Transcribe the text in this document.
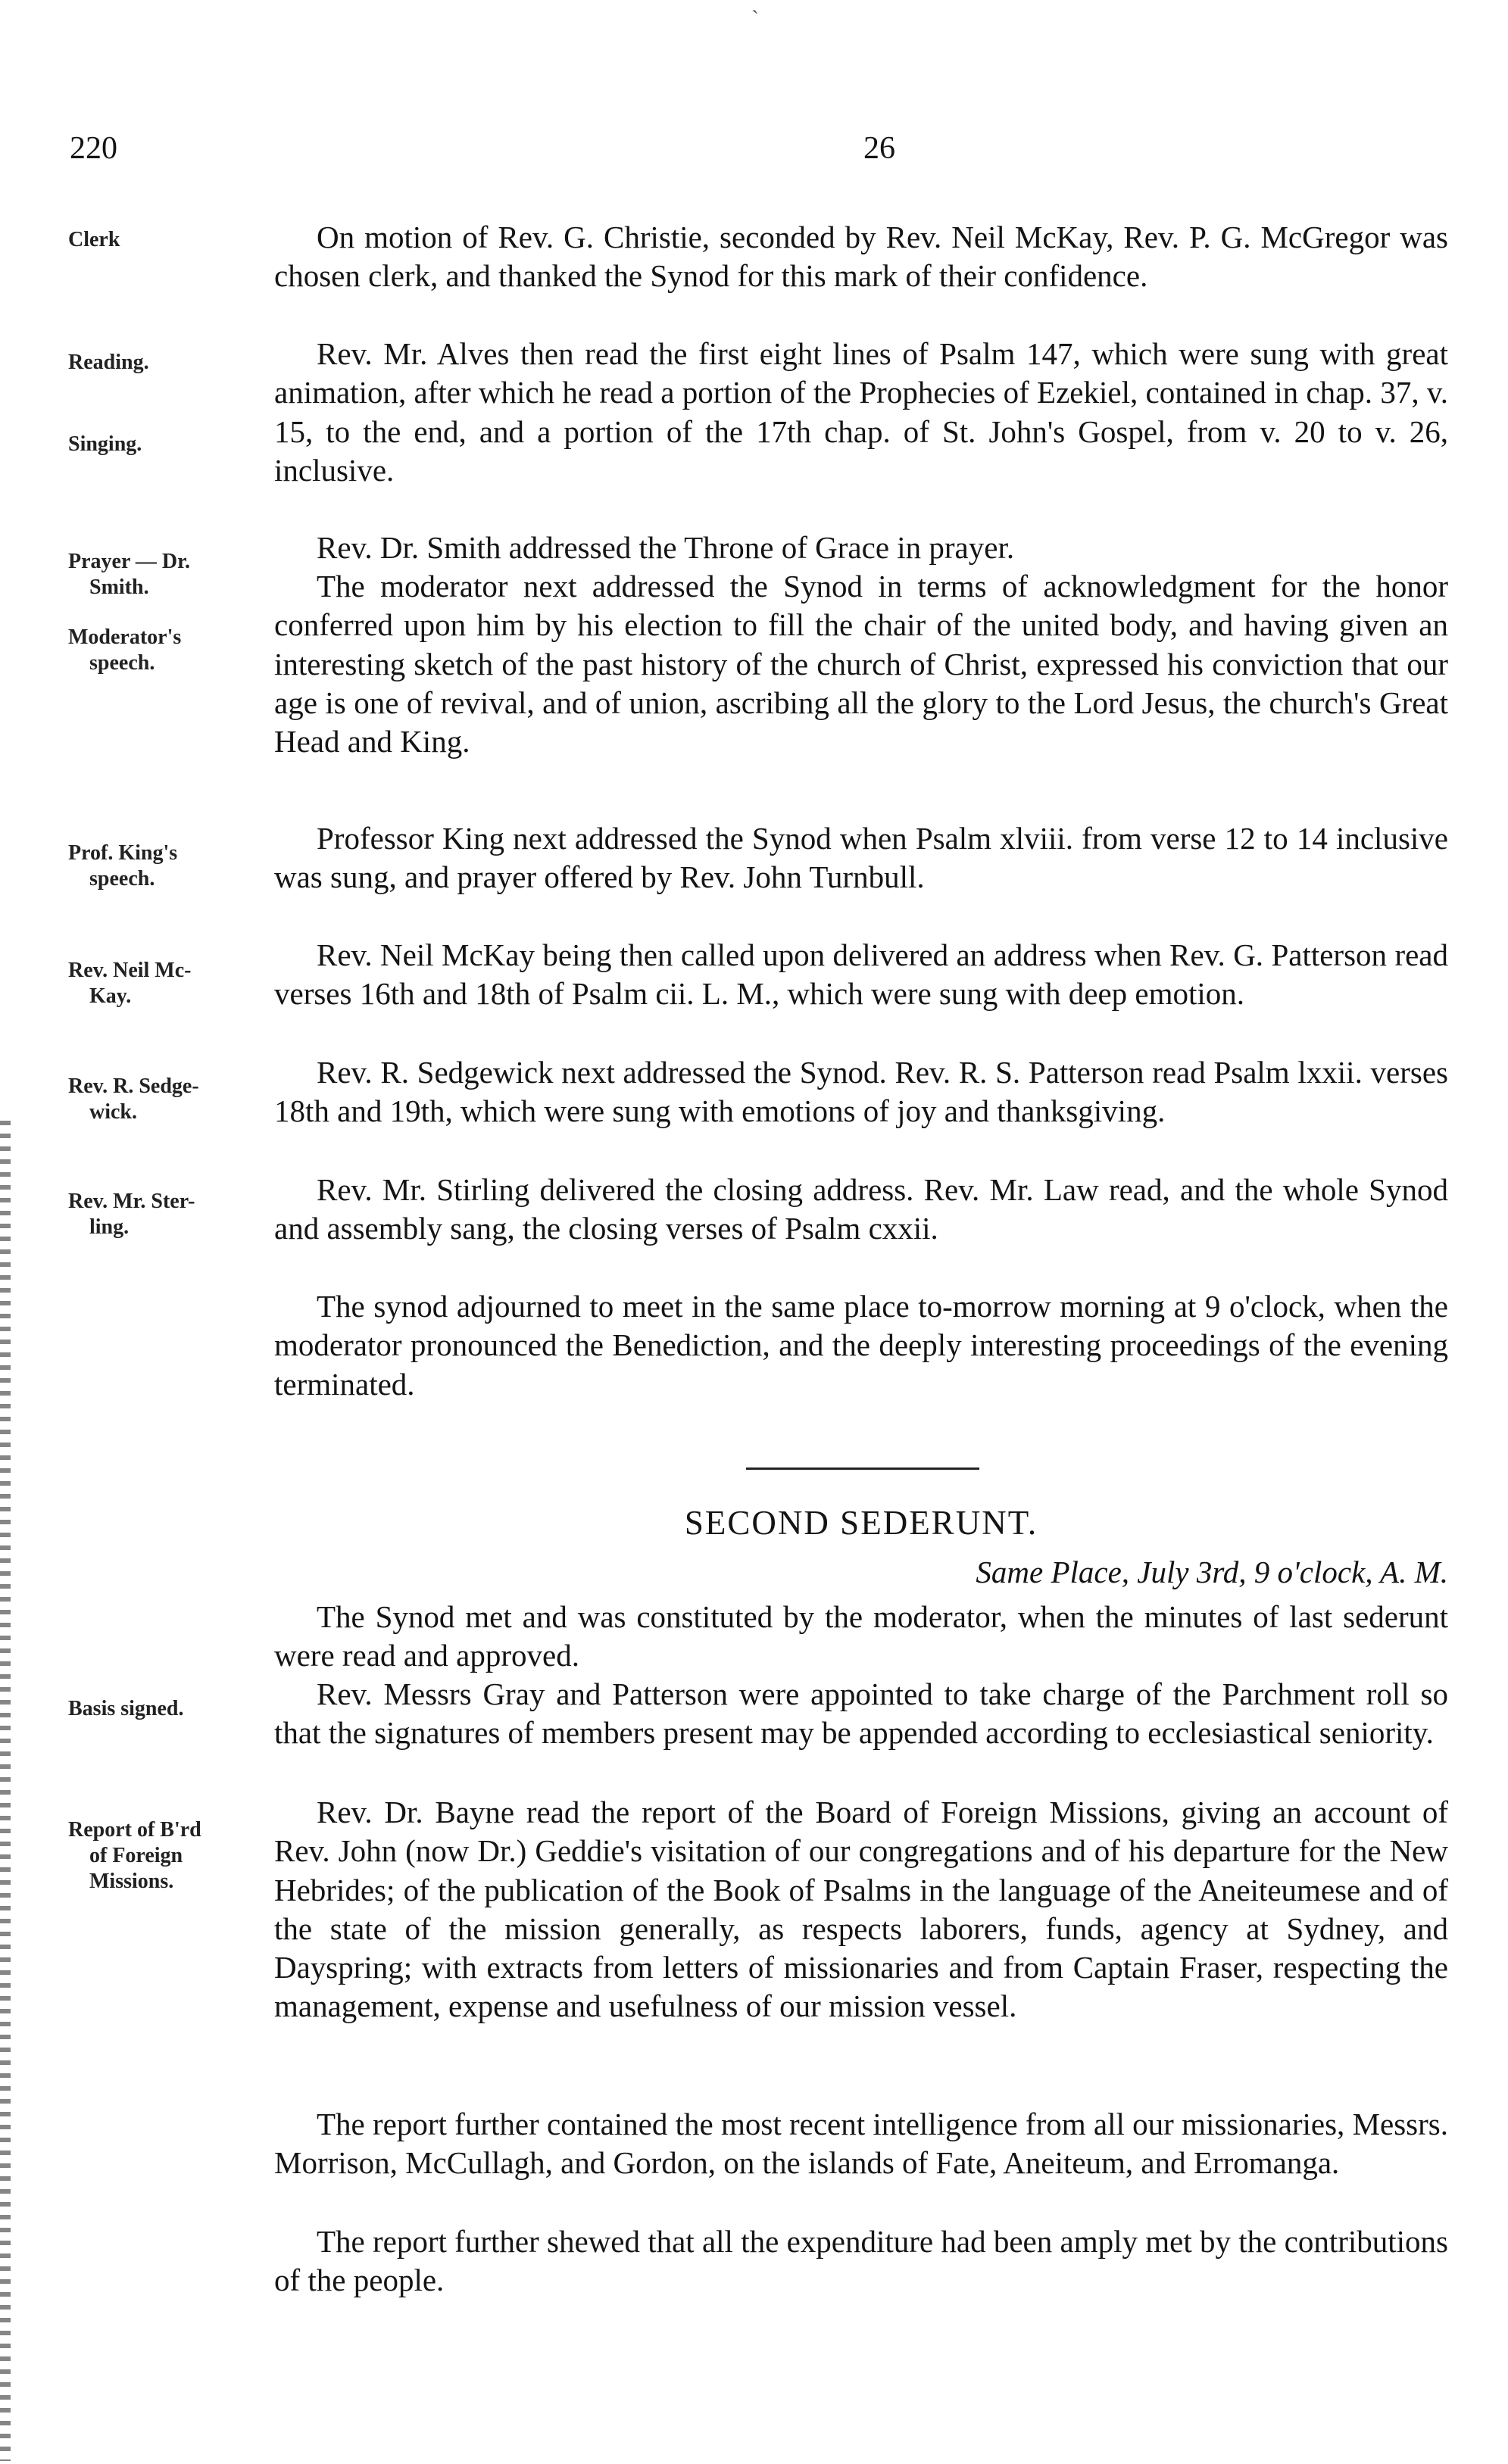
`
220	26
Clerk
Reading.
Singing.
Prayer — Dr.
Smith.
Moderator's
speech.
Prof. King's
speech.
Rev. Neil Mc-
Kay.
Rev. R. Sedge-
wick.
Rev. Mr. Ster-
ling.
Basis signed.
Report of B'rd
of Foreign
Missions.
On motion of Rev. G. Christie, seconded by Rev. Neil McKay, Rev. P. G. McGregor was chosen clerk, and thanked the Synod for this mark of their confidence.
Rev. Mr. Alves then read the first eight lines of Psalm 147, which were sung with great animation, after which he read a portion of the Prophecies of Ezekiel, contained in chap. 37, v. 15, to the end, and a portion of the 17th chap. of St. John's Gospel, from v. 20 to v. 26, inclusive.
Rev. Dr. Smith addressed the Throne of Grace in prayer.
The moderator next addressed the Synod in terms of acknowledgment for the honor conferred upon him by his election to fill the chair of the united body, and having given an interesting sketch of the past history of the church of Christ, expressed his conviction that our age is one of revival, and of union, ascribing all the glory to the Lord Jesus, the church's Great Head and King.
Professor King next addressed the Synod when Psalm xlviii. from verse 12 to 14 inclusive was sung, and prayer offered by Rev. John Turnbull.
Rev. Neil McKay being then called upon delivered an address when Rev. G. Patterson read verses 16th and 18th of Psalm cii. L. M., which were sung with deep emotion.
Rev. R. Sedgewick next addressed the Synod. Rev. R. S. Patterson read Psalm lxxii. verses 18th and 19th, which were sung with emotions of joy and thanksgiving.
Rev. Mr. Stirling delivered the closing address. Rev. Mr. Law read, and the whole Synod and assembly sang, the closing verses of Psalm cxxii.
The synod adjourned to meet in the same place to-morrow morning at 9 o'clock, when the moderator pronounced the Benediction, and the deeply interesting proceedings of the evening terminated.
SECOND SEDERUNT.
Same Place, July 3rd, 9 o'clock, A. M.
The Synod met and was constituted by the moderator, when the minutes of last sederunt were read and approved.
Rev. Messrs Gray and Patterson were appointed to take charge of the Parchment roll so that the signatures of members present may be appended according to ecclesiastical seniority.
Rev. Dr. Bayne read the report of the Board of Foreign Missions, giving an account of Rev. John (now Dr.) Geddie's visitation of our congregations and of his departure for the New Hebrides; of the publication of the Book of Psalms in the language of the Aneiteumese and of the state of the mission generally, as respects laborers, funds, agency at Sydney, and Dayspring; with extracts from letters of missionaries and from Captain Fraser, respecting the management, expense and usefulness of our mission vessel.
The report further contained the most recent intelligence from all our missionaries, Messrs. Morrison, McCullagh, and Gordon, on the islands of Fate, Aneiteum, and Erromanga.
The report further shewed that all the expenditure had been amply met by the contributions of the people.
